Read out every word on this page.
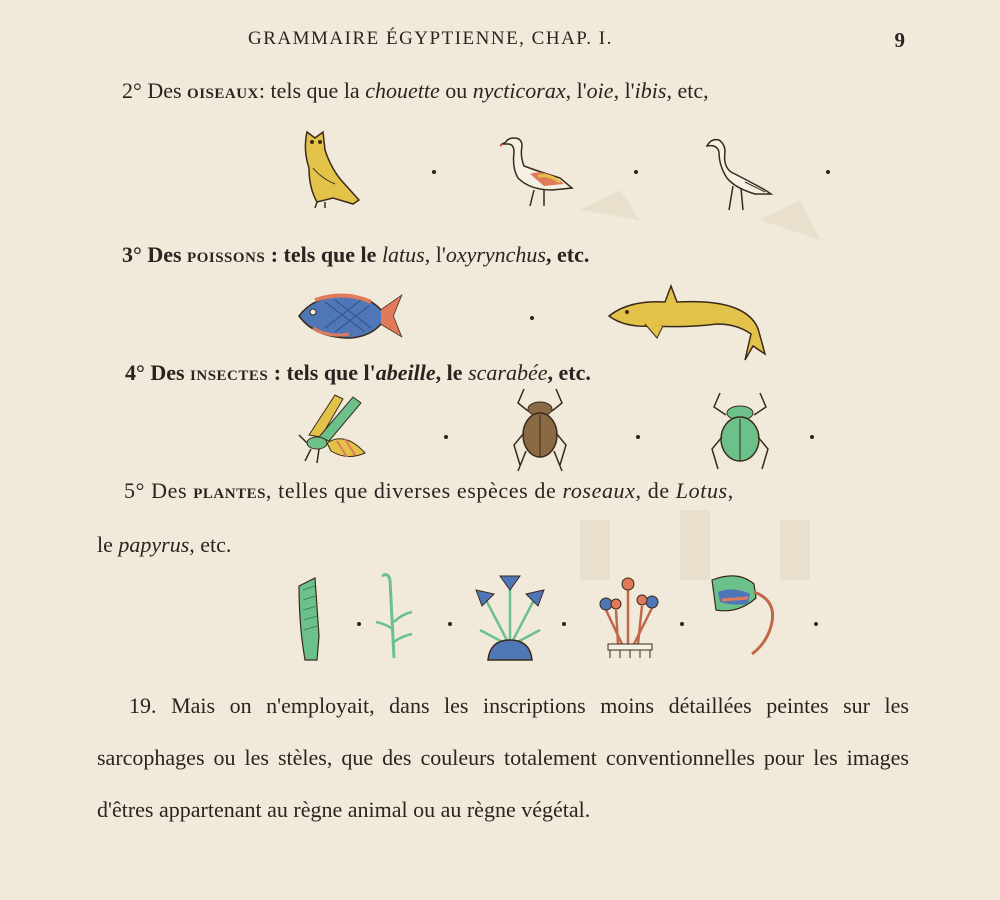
GRAMMAIRE ÉGYPTIENNE, CHAP. I.	9
2° Des oiseaux: tels que la chouette ou nycticorax, l'oie, l'ibis, etc,
3° Des poissons : tels que le latus, l'oxyrynchus, etc.
4° Des insectes : tels que l'abeille, le scarabée, etc.
5° Des plantes, telles que diverses espèces de roseaux, de Lotus,
le papyrus, etc.
19. Mais on n'employait, dans les inscriptions moins détaillées peintes sur les sarcophages ou les stèles, que des couleurs totalement conventionnelles pour les images d'êtres appartenant au règne animal ou au règne végétal.
